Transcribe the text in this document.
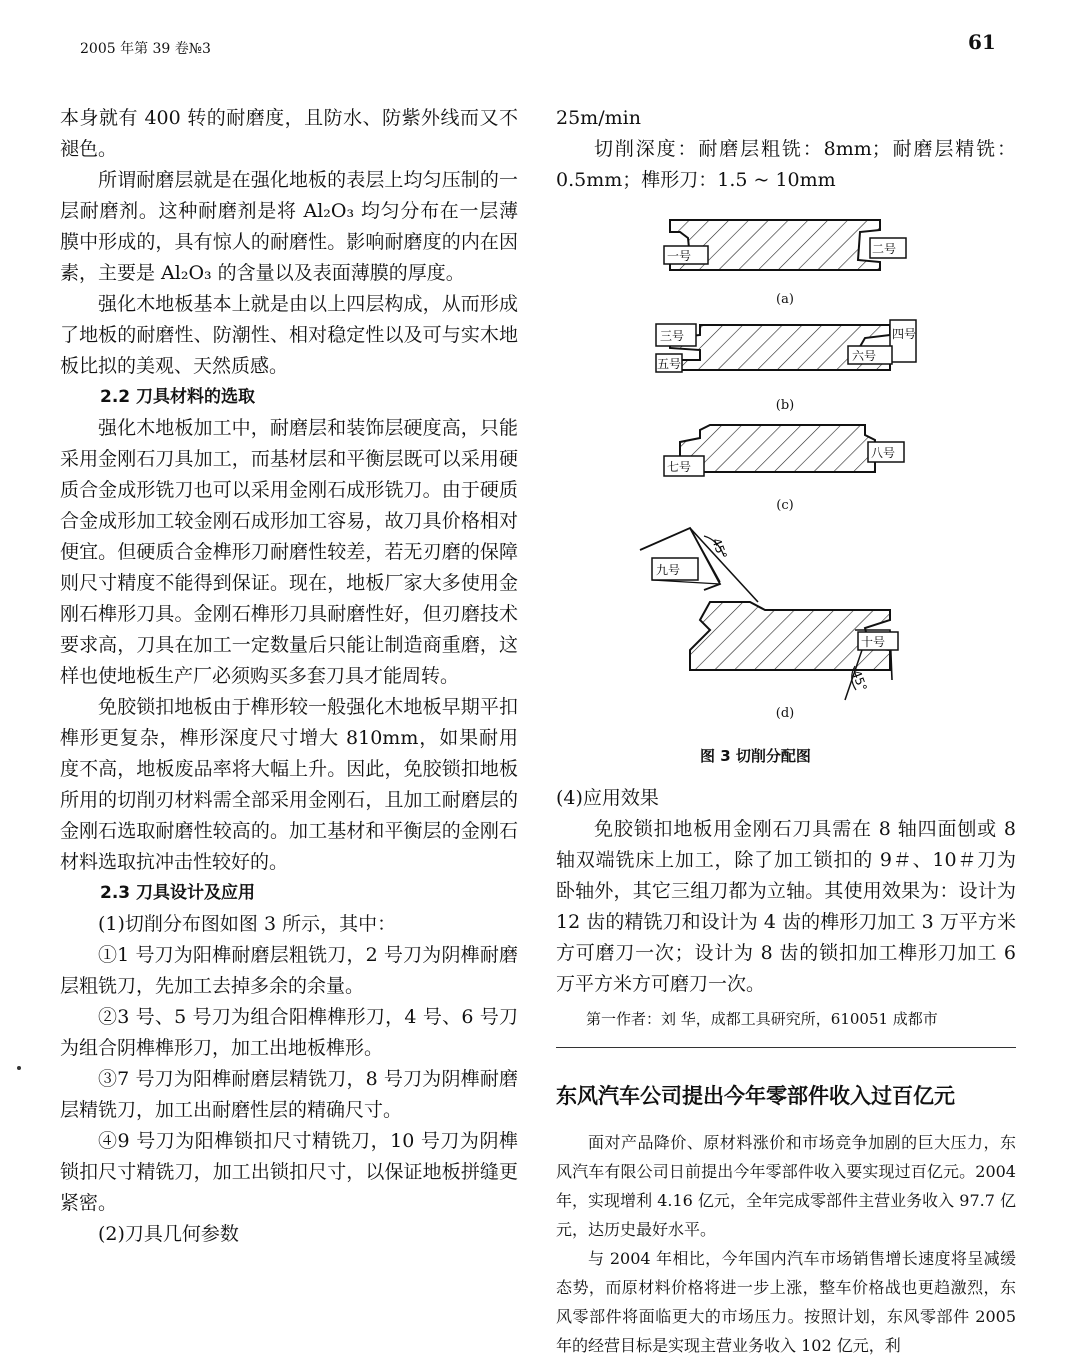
2005 年第 39 卷№3	61

本身就有 400 转的耐磨度，且防水、防紫外线而又不褪色。

所谓耐磨层就是在强化地板的表层上均匀压制的一层耐磨剂。这种耐磨剂是将 Al₂O₃ 均匀分布在一层薄膜中形成的，具有惊人的耐磨性。影响耐磨度的内在因素，主要是 Al₂O₃ 的含量以及表面薄膜的厚度。

强化木地板基本上就是由以上四层构成，从而形成了地板的耐磨性、防潮性、相对稳定性以及可与实木地板比拟的美观、天然质感。

2.2 刀具材料的选取

强化木地板加工中，耐磨层和装饰层硬度高，只能采用金刚石刀具加工，而基材层和平衡层既可以采用硬质合金成形铣刀也可以采用金刚石成形铣刀。由于硬质合金成形加工较金刚石成形加工容易，故刀具价格相对便宜。但硬质合金榫形刀耐磨性较差，若无刃磨的保障则尺寸精度不能得到保证。现在，地板厂家大多使用金刚石榫形刀具。金刚石榫形刀具耐磨性好，但刃磨技术要求高，刀具在加工一定数量后只能让制造商重磨，这样也使地板生产厂必须购买多套刀具才能周转。

免胶锁扣地板由于榫形较一般强化木地板早期平扣榫形更复杂，榫形深度尺寸增大 810mm，如果耐用度不高，地板废品率将大幅上升。因此，免胶锁扣地板所用的切削刃材料需全部采用金刚石，且加工耐磨层的金刚石选取耐磨性较高的。加工基材和平衡层的金刚石材料选取抗冲击性较好的。

2.3 刀具设计及应用

(1)切削分布图如图 3 所示，其中：

①1 号刀为阳榫耐磨层粗铣刀，2 号刀为阴榫耐磨层粗铣刀，先加工去掉多余的余量。

②3 号、5 号刀为组合阳榫榫形刀，4 号、6 号刀为组合阴榫榫形刀，加工出地板榫形。

③7 号刀为阳榫耐磨层精铣刀，8 号刀为阴榫耐磨层精铣刀，加工出耐磨性层的精确尺寸。

④9 号刀为阳榫锁扣尺寸精铣刀，10 号刀为阴榫锁扣尺寸精铣刀，加工出锁扣尺寸，以保证地板拼缝更紧密。

(2)刀具几何参数

25m/min

切削深度：耐磨层粗铣：8mm；耐磨层精铣：0.5mm；榫形刀：1.5 ~ 10mm

一号	二号
三号	四号
五号
六号
七号
八号
九号
十号
45°
45°
(a)
(b)
(c)
(d)
图 3 切削分配图

(4)应用效果

免胶锁扣地板用金刚石刀具需在 8 轴四面刨或 8 轴双端铣床上加工，除了加工锁扣的 9＃、10＃刀为卧轴外，其它三组刀都为立轴。其使用效果为：设计为 12 齿的精铣刀和设计为 4 齿的榫形刀加工 3 万平方米方可磨刀一次；设计为 8 齿的锁扣加工榫形刀加工 6 万平方米方可磨刀一次。

第一作者：刘 华，成都工具研究所，610051 成都市

东风汽车公司提出今年零部件收入过百亿元

面对产品降价、原材料涨价和市场竞争加剧的巨大压力，东风汽车有限公司日前提出今年零部件收入要实现过百亿元。2004 年，实现增利 4.16 亿元，全年完成零部件主营业务收入 97.7 亿元，达历史最好水平。

与 2004 年相比，今年国内汽车市场销售增长速度将呈减缓态势，而原材料价格将进一步上涨，整车价格战也更趋激烈，东风零部件将面临更大的市场压力。按照计划，东风零部件 2005 年的经营目标是实现主营业务收入 102 亿元，利
